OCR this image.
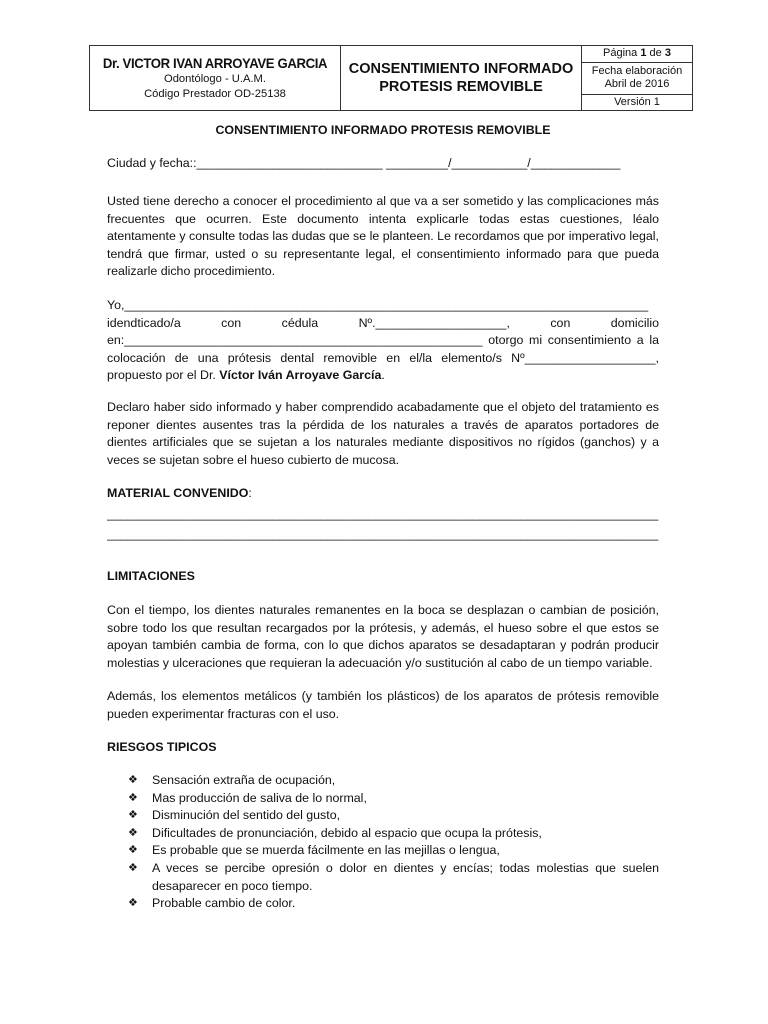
Dr. VICTOR IVAN ARROYAVE GARCIA
Odontólogo - U.A.M.
Código Prestador OD-25138

CONSENTIMIENTO INFORMADO
PROTESIS REMOVIBLE

Página 1 de 3

Fecha elaboración
Abril de 2016

Versión 1
CONSENTIMIENTO INFORMADO PROTESIS REMOVIBLE

Ciudad y fecha::___________________________ _________/___________/_____________

Usted tiene derecho a conocer el procedimiento al que va a ser sometido y las complicaciones más frecuentes que ocurren. Este documento intenta explicarle todas estas cuestiones, léalo atentamente y consulte todas las dudas que se le planteen. Le recordamos que por imperativo legal, tendrá que firmar, usted o su representante legal, el consentimiento informado para que pueda realizarle dicho procedimiento.

Yo,____________________________________________________________________________
idendticado/a con cédula Nº.___________________, con domicilio
en:____________________________________________________ otorgo mi consentimiento a la
colocación de una prótesis dental removible en el/la elemento/s Nº___________________,
propuesto por el Dr. Víctor Iván Arroyave García.

Declaro haber sido informado y haber comprendido acabadamente que el objeto del tratamiento es reponer dientes ausentes tras la pérdida de los naturales a través de aparatos portadores de dientes artificiales que se sujetan a los naturales mediante dispositivos no rígidos (ganchos) y a veces se sujetan sobre el hueso cubierto de mucosa.

MATERIAL CONVENIDO:
________________________________________________________________________________
________________________________________________________________________________
LIMITACIONES

Con el tiempo, los dientes naturales remanentes en la boca se desplazan o cambian de posición, sobre todo los que resultan recargados por la prótesis, y además, el hueso sobre el que estos se apoyan también cambia de forma, con lo que dichos aparatos se desadaptaran y podrán producir molestias y ulceraciones que requieran la adecuación y/o sustitución al cabo de un tiempo variable.

Además, los elementos metálicos (y también los plásticos) de los aparatos de prótesis removible pueden experimentar fracturas con el uso.

RIESGOS TIPICOS
❖ Sensación extraña de ocupación,
❖ Mas producción de saliva de lo normal,
❖ Disminución del sentido del gusto,
❖ Dificultades de pronunciación, debido al espacio que ocupa la prótesis,
❖ Es probable que se muerda fácilmente en las mejillas o lengua,
❖ A veces se percibe opresión o dolor en dientes y encías; todas molestias que suelen desaparecer en poco tiempo.
❖ Probable cambio de color.
